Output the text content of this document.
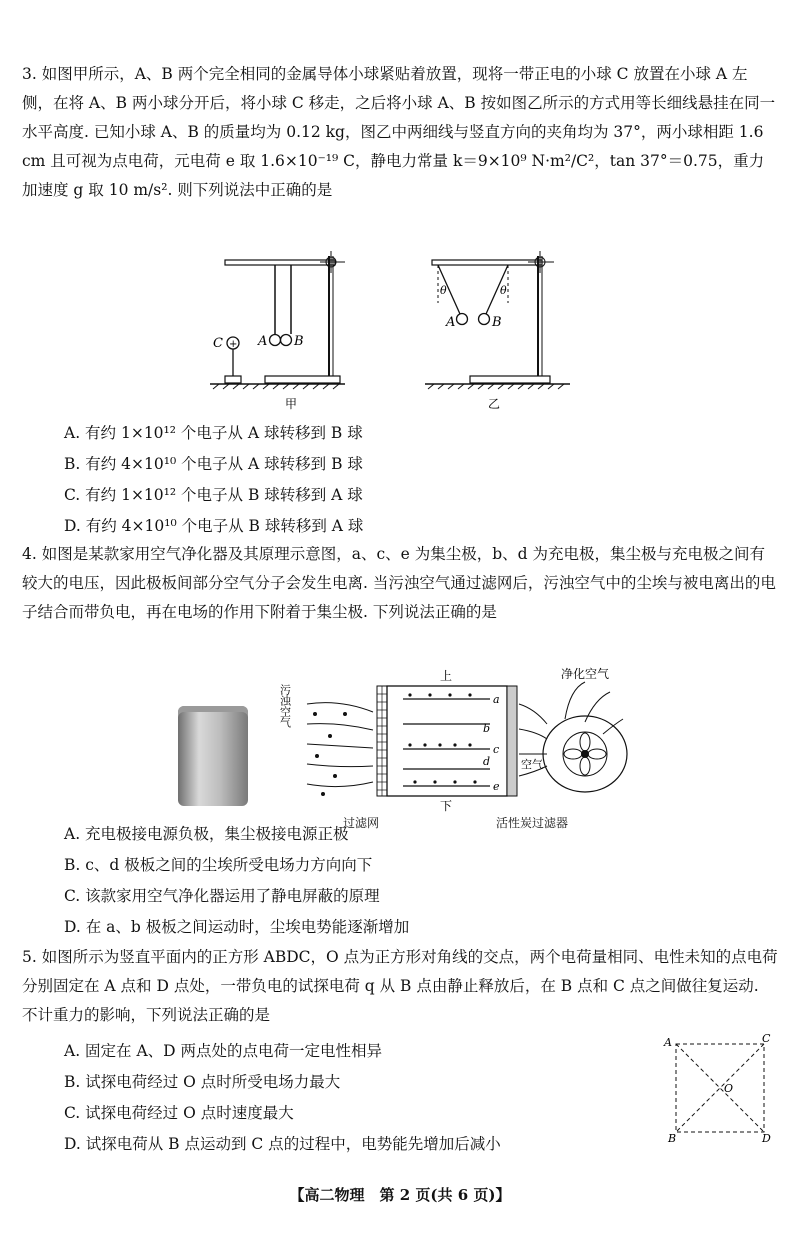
3. 如图甲所示，A、B 两个完全相同的金属导体小球紧贴着放置，现将一带正电的小球 C 放置在小球 A 左侧，在将 A、B 两小球分开后，将小球 C 移走，之后将小球 A、B 按如图乙所示的方式用等长细线悬挂在同一水平高度. 已知小球 A、B 的质量均为 0.12 kg，图乙中两细线与竖直方向的夹角均为 37°，两小球相距 1.6 cm 且可视为点电荷，元电荷 e 取 1.6×10⁻¹⁹ C，静电力常量 k＝9×10⁹ N·m²/C²，tan 37°＝0.75，重力加速度 g 取 10 m/s². 则下列说法中正确的是

+
C	A B
甲
θ	θ
A	B
乙
A. 有约 1×10¹² 个电子从 A 球转移到 B 球
B. 有约 4×10¹⁰ 个电子从 A 球转移到 B 球
C. 有约 1×10¹² 个电子从 B 球转移到 A 球
D. 有约 4×10¹⁰ 个电子从 B 球转移到 A 球

4. 如图是某款家用空气净化器及其原理示意图，a、c、e 为集尘极，b、d 为充电极，集尘极与充电极之间有较大的电压，因此极板间部分空气分子会发生电离. 当污浊空气通过滤网后，污浊空气中的尘埃与被电离出的电子结合而带负电，再在电场的作用下附着于集尘极. 下列说法正确的是

污浊空气
上
下
a
b
c
d
e
净化空气
空气
过滤网	活性炭过滤器
A. 充电极接电源负极，集尘极接电源正极
B. c、d 极板之间的尘埃所受电场力方向向下
C. 该款家用空气净化器运用了静电屏蔽的原理
D. 在 a、b 极板之间运动时，尘埃电势能逐渐增加

5. 如图所示为竖直平面内的正方形 ABDC，O 点为正方形对角线的交点，两个电荷量相同、电性未知的点电荷分别固定在 A 点和 D 点处，一带负电的试探电荷 q 从 B 点由静止释放后，在 B 点和 C 点之间做往复运动. 不计重力的影响，下列说法正确的是

A. 固定在 A、D 两点处的点电荷一定电性相异
B. 试探电荷经过 O 点时所受电场力最大
C. 试探电荷经过 O 点时速度最大
D. 试探电荷从 B 点运动到 C 点的过程中，电势能先增加后减小
A	C
O
B	D
【高二物理　第 2 页(共 6 页)】
